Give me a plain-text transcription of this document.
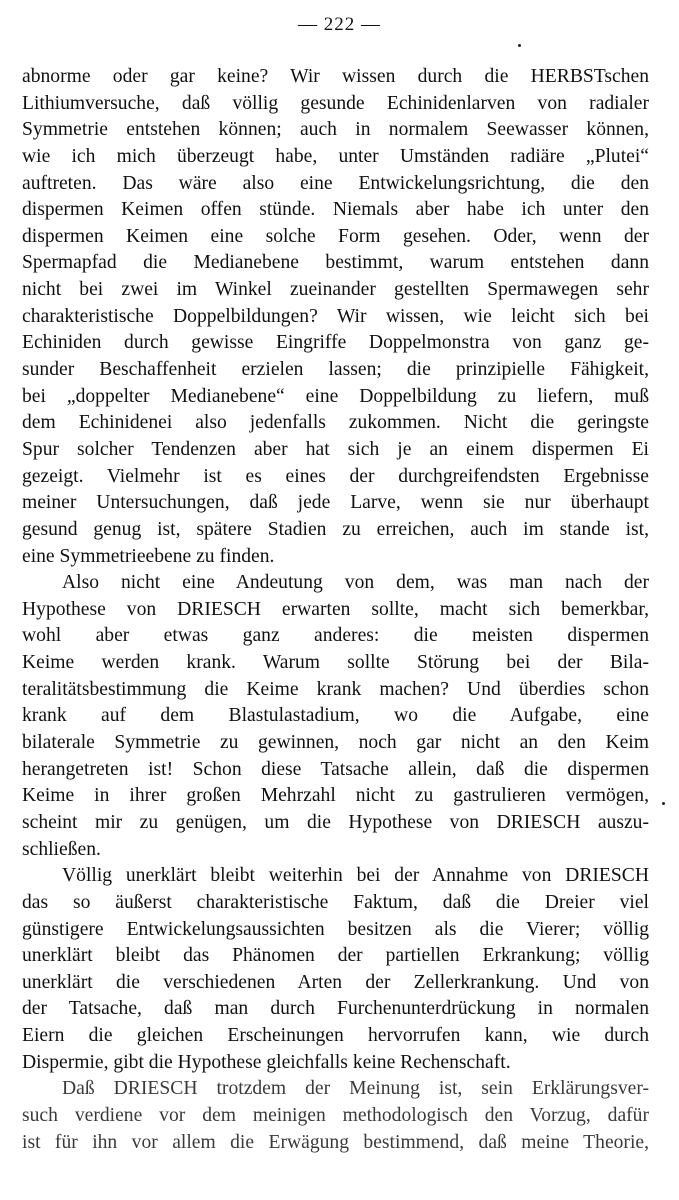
— 222 —
abnorme oder gar keine? Wir wissen durch die HERBSTschen
Lithiumversuche, daß völlig gesunde Echinidenlarven von radialer
Symmetrie entstehen können; auch in normalem Seewasser können,
wie ich mich überzeugt habe, unter Umständen radiäre „Plutei“
auftreten. Das wäre also eine Entwickelungsrichtung, die den
dispermen Keimen offen stünde. Niemals aber habe ich unter den
dispermen Keimen eine solche Form gesehen. Oder, wenn der
Spermapfad die Medianebene bestimmt, warum entstehen dann
nicht bei zwei im Winkel zueinander gestellten Spermawegen sehr
charakteristische Doppelbildungen? Wir wissen, wie leicht sich bei
Echiniden durch gewisse Eingriffe Doppelmonstra von ganz ge-
sunder Beschaffenheit erzielen lassen; die prinzipielle Fähigkeit,
bei „doppelter Medianebene“ eine Doppelbildung zu liefern, muß
dem Echinidenei also jedenfalls zukommen. Nicht die geringste
Spur solcher Tendenzen aber hat sich je an einem dispermen Ei
gezeigt. Vielmehr ist es eines der durchgreifendsten Ergebnisse
meiner Untersuchungen, daß jede Larve, wenn sie nur überhaupt
gesund genug ist, spätere Stadien zu erreichen, auch im stande ist,
eine Symmetrieebene zu finden.
Also nicht eine Andeutung von dem, was man nach der
Hypothese von DRIESCH erwarten sollte, macht sich bemerkbar,
wohl aber etwas ganz anderes: die meisten dispermen
Keime werden krank. Warum sollte Störung bei der Bila-
teralitätsbestimmung die Keime krank machen? Und überdies schon
krank auf dem Blastulastadium, wo die Aufgabe, eine
bilaterale Symmetrie zu gewinnen, noch gar nicht an den Keim
herangetreten ist! Schon diese Tatsache allein, daß die dispermen
Keime in ihrer großen Mehrzahl nicht zu gastrulieren vermögen,
scheint mir zu genügen, um die Hypothese von DRIESCH auszu-
schließen.
Völlig unerklärt bleibt weiterhin bei der Annahme von DRIESCH
das so äußerst charakteristische Faktum, daß die Dreier viel
günstigere Entwickelungsaussichten besitzen als die Vierer; völlig
unerklärt bleibt das Phänomen der partiellen Erkrankung; völlig
unerklärt die verschiedenen Arten der Zellerkrankung. Und von
der Tatsache, daß man durch Furchenunterdrückung in normalen
Eiern die gleichen Erscheinungen hervorrufen kann, wie durch
Dispermie, gibt die Hypothese gleichfalls keine Rechenschaft.
Daß DRIESCH trotzdem der Meinung ist, sein Erklärungsver-
such verdiene vor dem meinigen methodologisch den Vorzug, dafür
ist für ihn vor allem die Erwägung bestimmend, daß meine Theorie,
